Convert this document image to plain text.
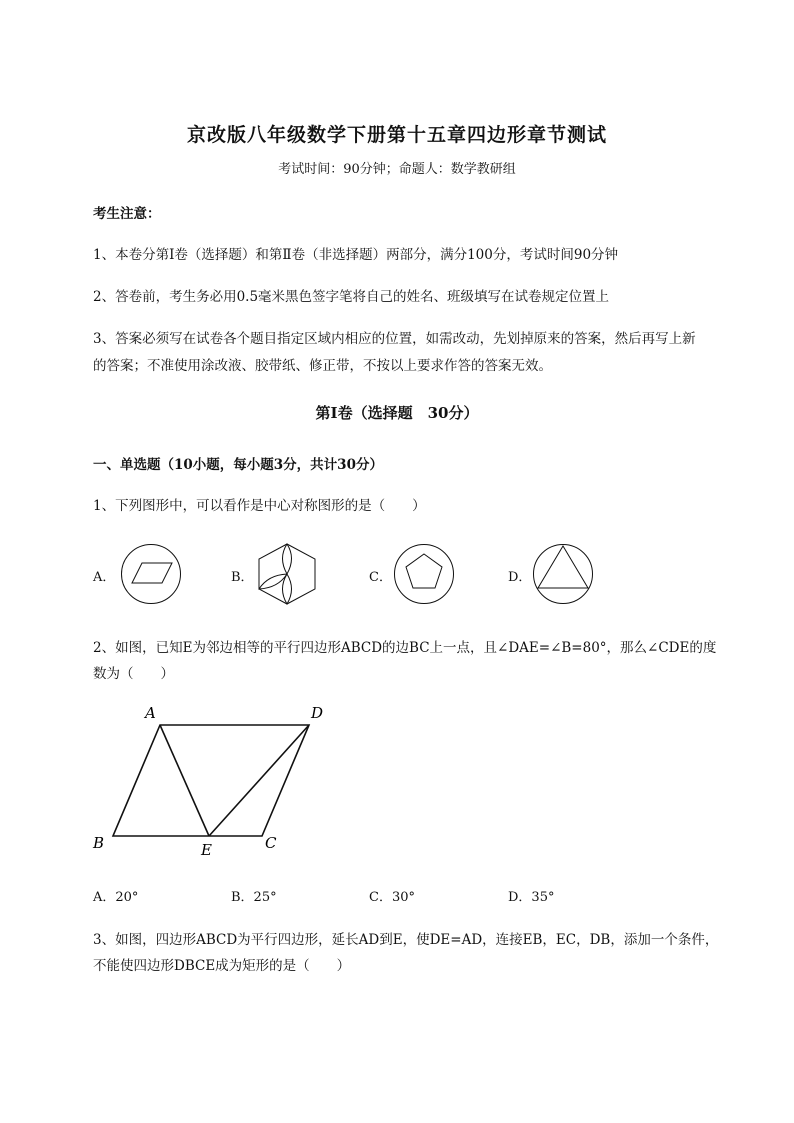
京改版八年级数学下册第十五章四边形章节测试
考试时间：90分钟；命题人：数学教研组
考生注意：
1、本卷分第I卷（选择题）和第Ⅱ卷（非选择题）两部分，满分100分，考试时间90分钟
2、答卷前，考生务必用0.5毫米黑色签字笔将自己的姓名、班级填写在试卷规定位置上
3、答案必须写在试卷各个题目指定区域内相应的位置，如需改动，先划掉原来的答案，然后再写上新
的答案；不准使用涂改液、胶带纸、修正带，不按以上要求作答的答案无效。
第I卷（选择题　30分）
一、单选题（10小题，每小题3分，共计30分）
1、下列图形中，可以看作是中心对称图形的是（　　）
A．	B．	C．	D．
2、如图，已知E为邻边相等的平行四边形ABCD的边BC上一点，且∠DAE=∠B=80°，那么∠CDE的度
数为（　　）
A	D
B	E	C
A．20°	B．25°	C．30°	D．35°
3、如图，四边形ABCD为平行四边形，延长AD到E，使DE=AD，连接EB，EC，DB，添加一个条件，
不能使四边形DBCE成为矩形的是（　　）
